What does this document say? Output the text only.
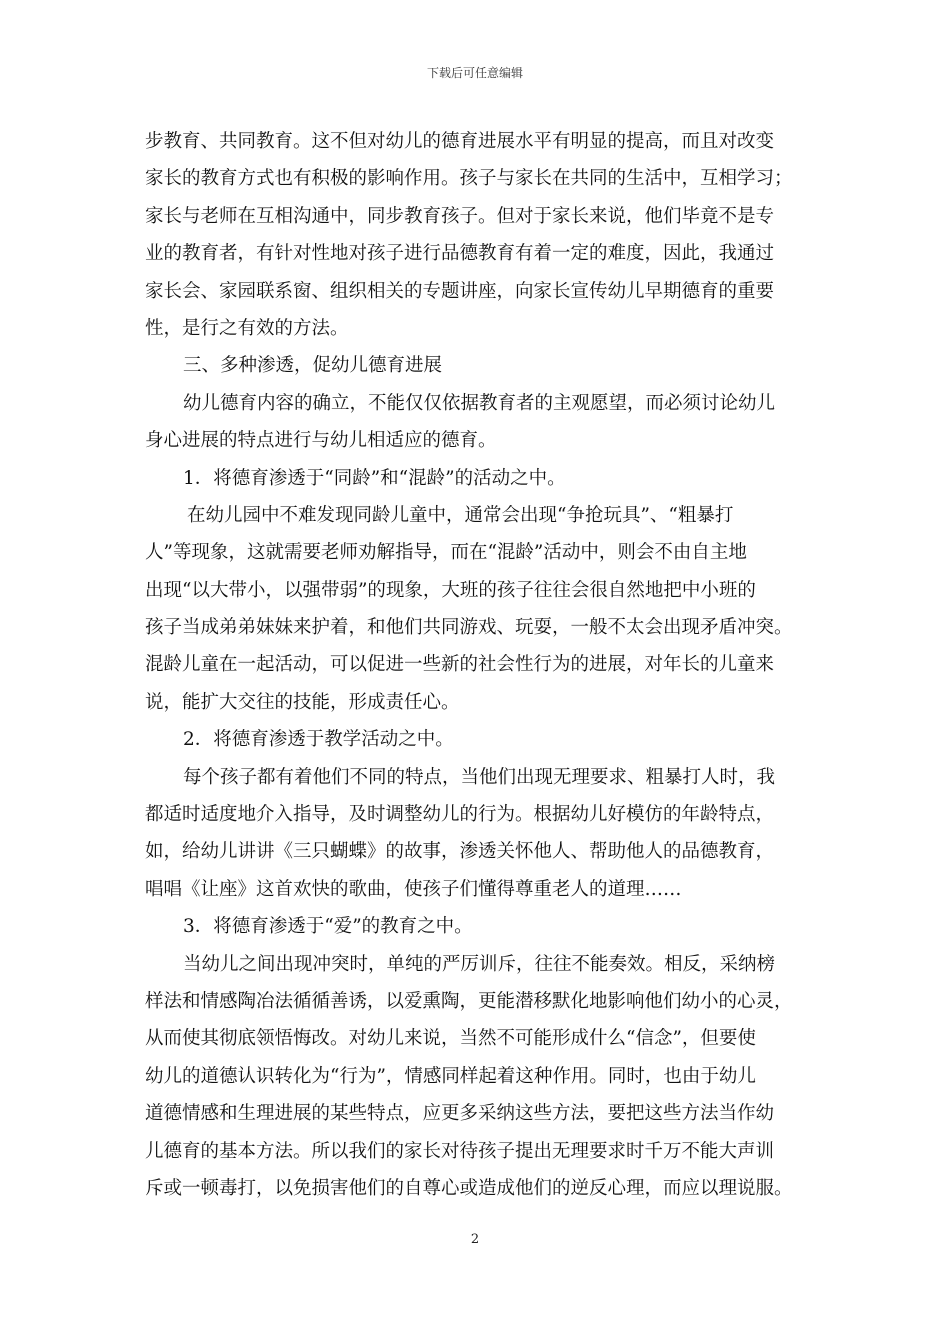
下载后可任意编辑
步教育、共同教育。这不但对幼儿的德育进展水平有明显的提高，而且对改变
家长的教育方式也有积极的影响作用。孩子与家长在共同的生活中，互相学习；
家长与老师在互相沟通中，同步教育孩子。但对于家长来说，他们毕竟不是专
业的教育者，有针对性地对孩子进行品德教育有着一定的难度，因此，我通过
家长会、家园联系窗、组织相关的专题讲座，向家长宣传幼儿早期德育的重要
性，是行之有效的方法。
三、多种渗透，促幼儿德育进展
幼儿德育内容的确立，不能仅仅依据教育者的主观愿望，而必须讨论幼儿
身心进展的特点进行与幼儿相适应的德育。
1．将德育渗透于“同龄”和“混龄”的活动之中。
在幼儿园中不难发现同龄儿童中，通常会出现“争抢玩具”、“粗暴打
人”等现象，这就需要老师劝解指导，而在“混龄”活动中，则会不由自主地
出现“以大带小，以强带弱”的现象，大班的孩子往往会很自然地把中小班的
孩子当成弟弟妹妹来护着，和他们共同游戏、玩耍，一般不太会出现矛盾冲突。
混龄儿童在一起活动，可以促进一些新的社会性行为的进展，对年长的儿童来
说，能扩大交往的技能，形成责任心。
2．将德育渗透于教学活动之中。
每个孩子都有着他们不同的特点，当他们出现无理要求、粗暴打人时，我
都适时适度地介入指导，及时调整幼儿的行为。根据幼儿好模仿的年龄特点，
如，给幼儿讲讲《三只蝴蝶》的故事，渗透关怀他人、帮助他人的品德教育，
唱唱《让座》这首欢快的歌曲，使孩子们懂得尊重老人的道理……
3．将德育渗透于“爱”的教育之中。
当幼儿之间出现冲突时，单纯的严厉训斥，往往不能奏效。相反，采纳榜
样法和情感陶冶法循循善诱，以爱熏陶，更能潜移默化地影响他们幼小的心灵，
从而使其彻底领悟悔改。对幼儿来说，当然不可能形成什么“信念”，但要使
幼儿的道德认识转化为“行为”，情感同样起着这种作用。同时，也由于幼儿
道德情感和生理进展的某些特点，应更多采纳这些方法，要把这些方法当作幼
儿德育的基本方法。所以我们的家长对待孩子提出无理要求时千万不能大声训
斥或一顿毒打，以免损害他们的自尊心或造成他们的逆反心理，而应以理说服。
2
